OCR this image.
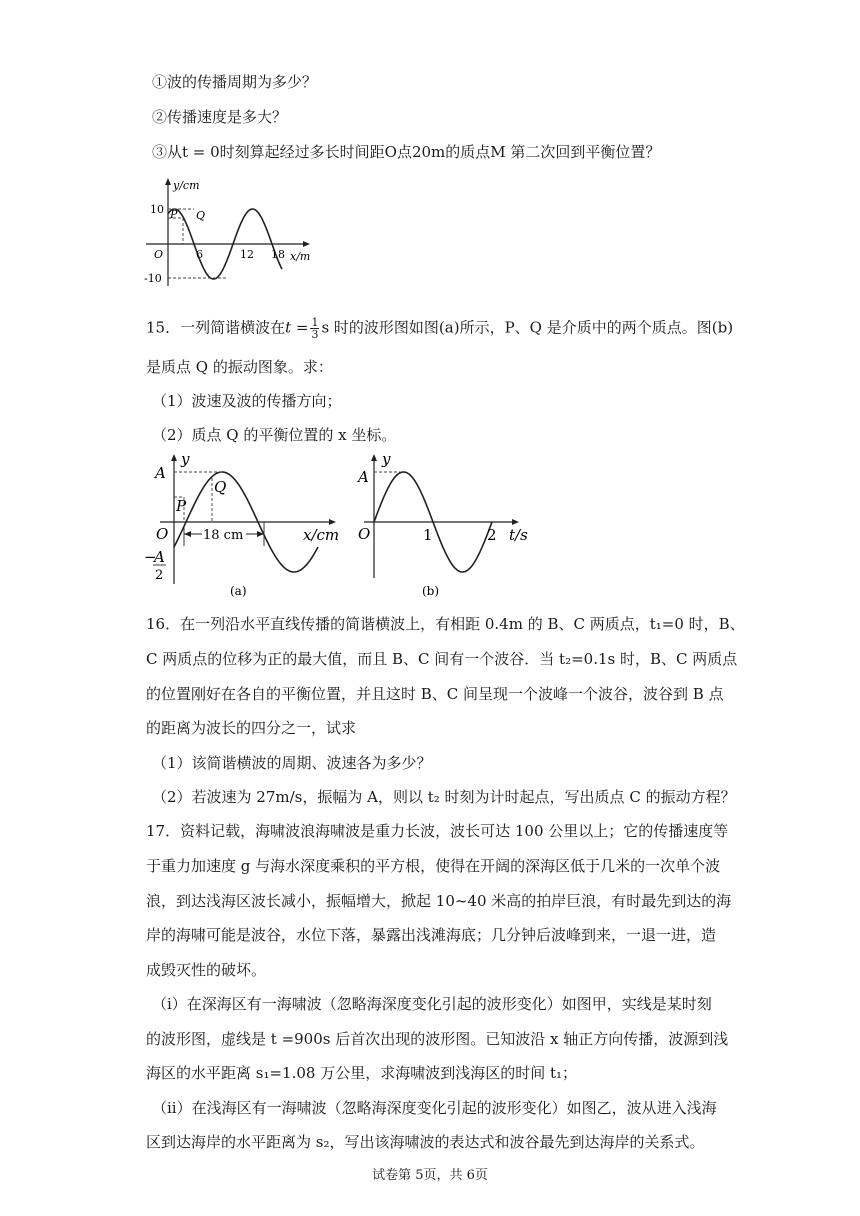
①波的传播周期为多少？
②传播速度是多大？
③从t = 0时刻算起经过多长时间距O点20m的质点M 第二次回到平衡位置？
y/cm
x/m
10
-10
O	6	12 18
P Q
15．一列简谐横波在$t = \frac{1}{3}$ s 时的波形图如图(a)所示，P、Q 是介质中的两个质点。图(b)
是质点 Q 的振动图象。求：
（1）波速及波的传播方向；
（2）质点 Q 的平衡位置的 x 坐标。
y
A
P
Q
O	18 cm	x/cm
−
A
2
(a)
y
A
O	1	2 t/s
(b)
16．在一列沿水平直线传播的简谐横波上，有相距 0.4m 的 B、C 两质点，t₁=0 时，B、
C 两质点的位移为正的最大值，而且 B、C 间有一个波谷．当 t₂=0.1s 时，B、C 两质点
的位置刚好在各自的平衡位置，并且这时 B、C 间呈现一个波峰一个波谷，波谷到 B 点
的距离为波长的四分之一，试求
（1）该简谐横波的周期、波速各为多少？
（2）若波速为 27m/s，振幅为 A，则以 t₂ 时刻为计时起点，写出质点 C 的振动方程？
17．资料记载，海啸波浪海啸波是重力长波，波长可达 100 公里以上；它的传播速度等
于重力加速度 g 与海水深度乘积的平方根，使得在开阔的深海区低于几米的一次单个波
浪，到达浅海区波长减小，振幅增大，掀起 10~40 米高的拍岸巨浪，有时最先到达的海
岸的海啸可能是波谷，水位下落，暴露出浅滩海底；几分钟后波峰到来，一退一进，造
成毁灭性的破坏。
（i）在深海区有一海啸波（忽略海深度变化引起的波形变化）如图甲，实线是某时刻
的波形图，虚线是 t =900s 后首次出现的波形图。已知波沿 x 轴正方向传播，波源到浅
海区的水平距离 s₁=1.08 万公里，求海啸波到浅海区的时间 t₁；
（ii）在浅海区有一海啸波（忽略海深度变化引起的波形变化）如图乙，波从进入浅海
区到达海岸的水平距离为 s₂，写出该海啸波的表达式和波谷最先到达海岸的关系式。
试卷第 5页，共 6页
